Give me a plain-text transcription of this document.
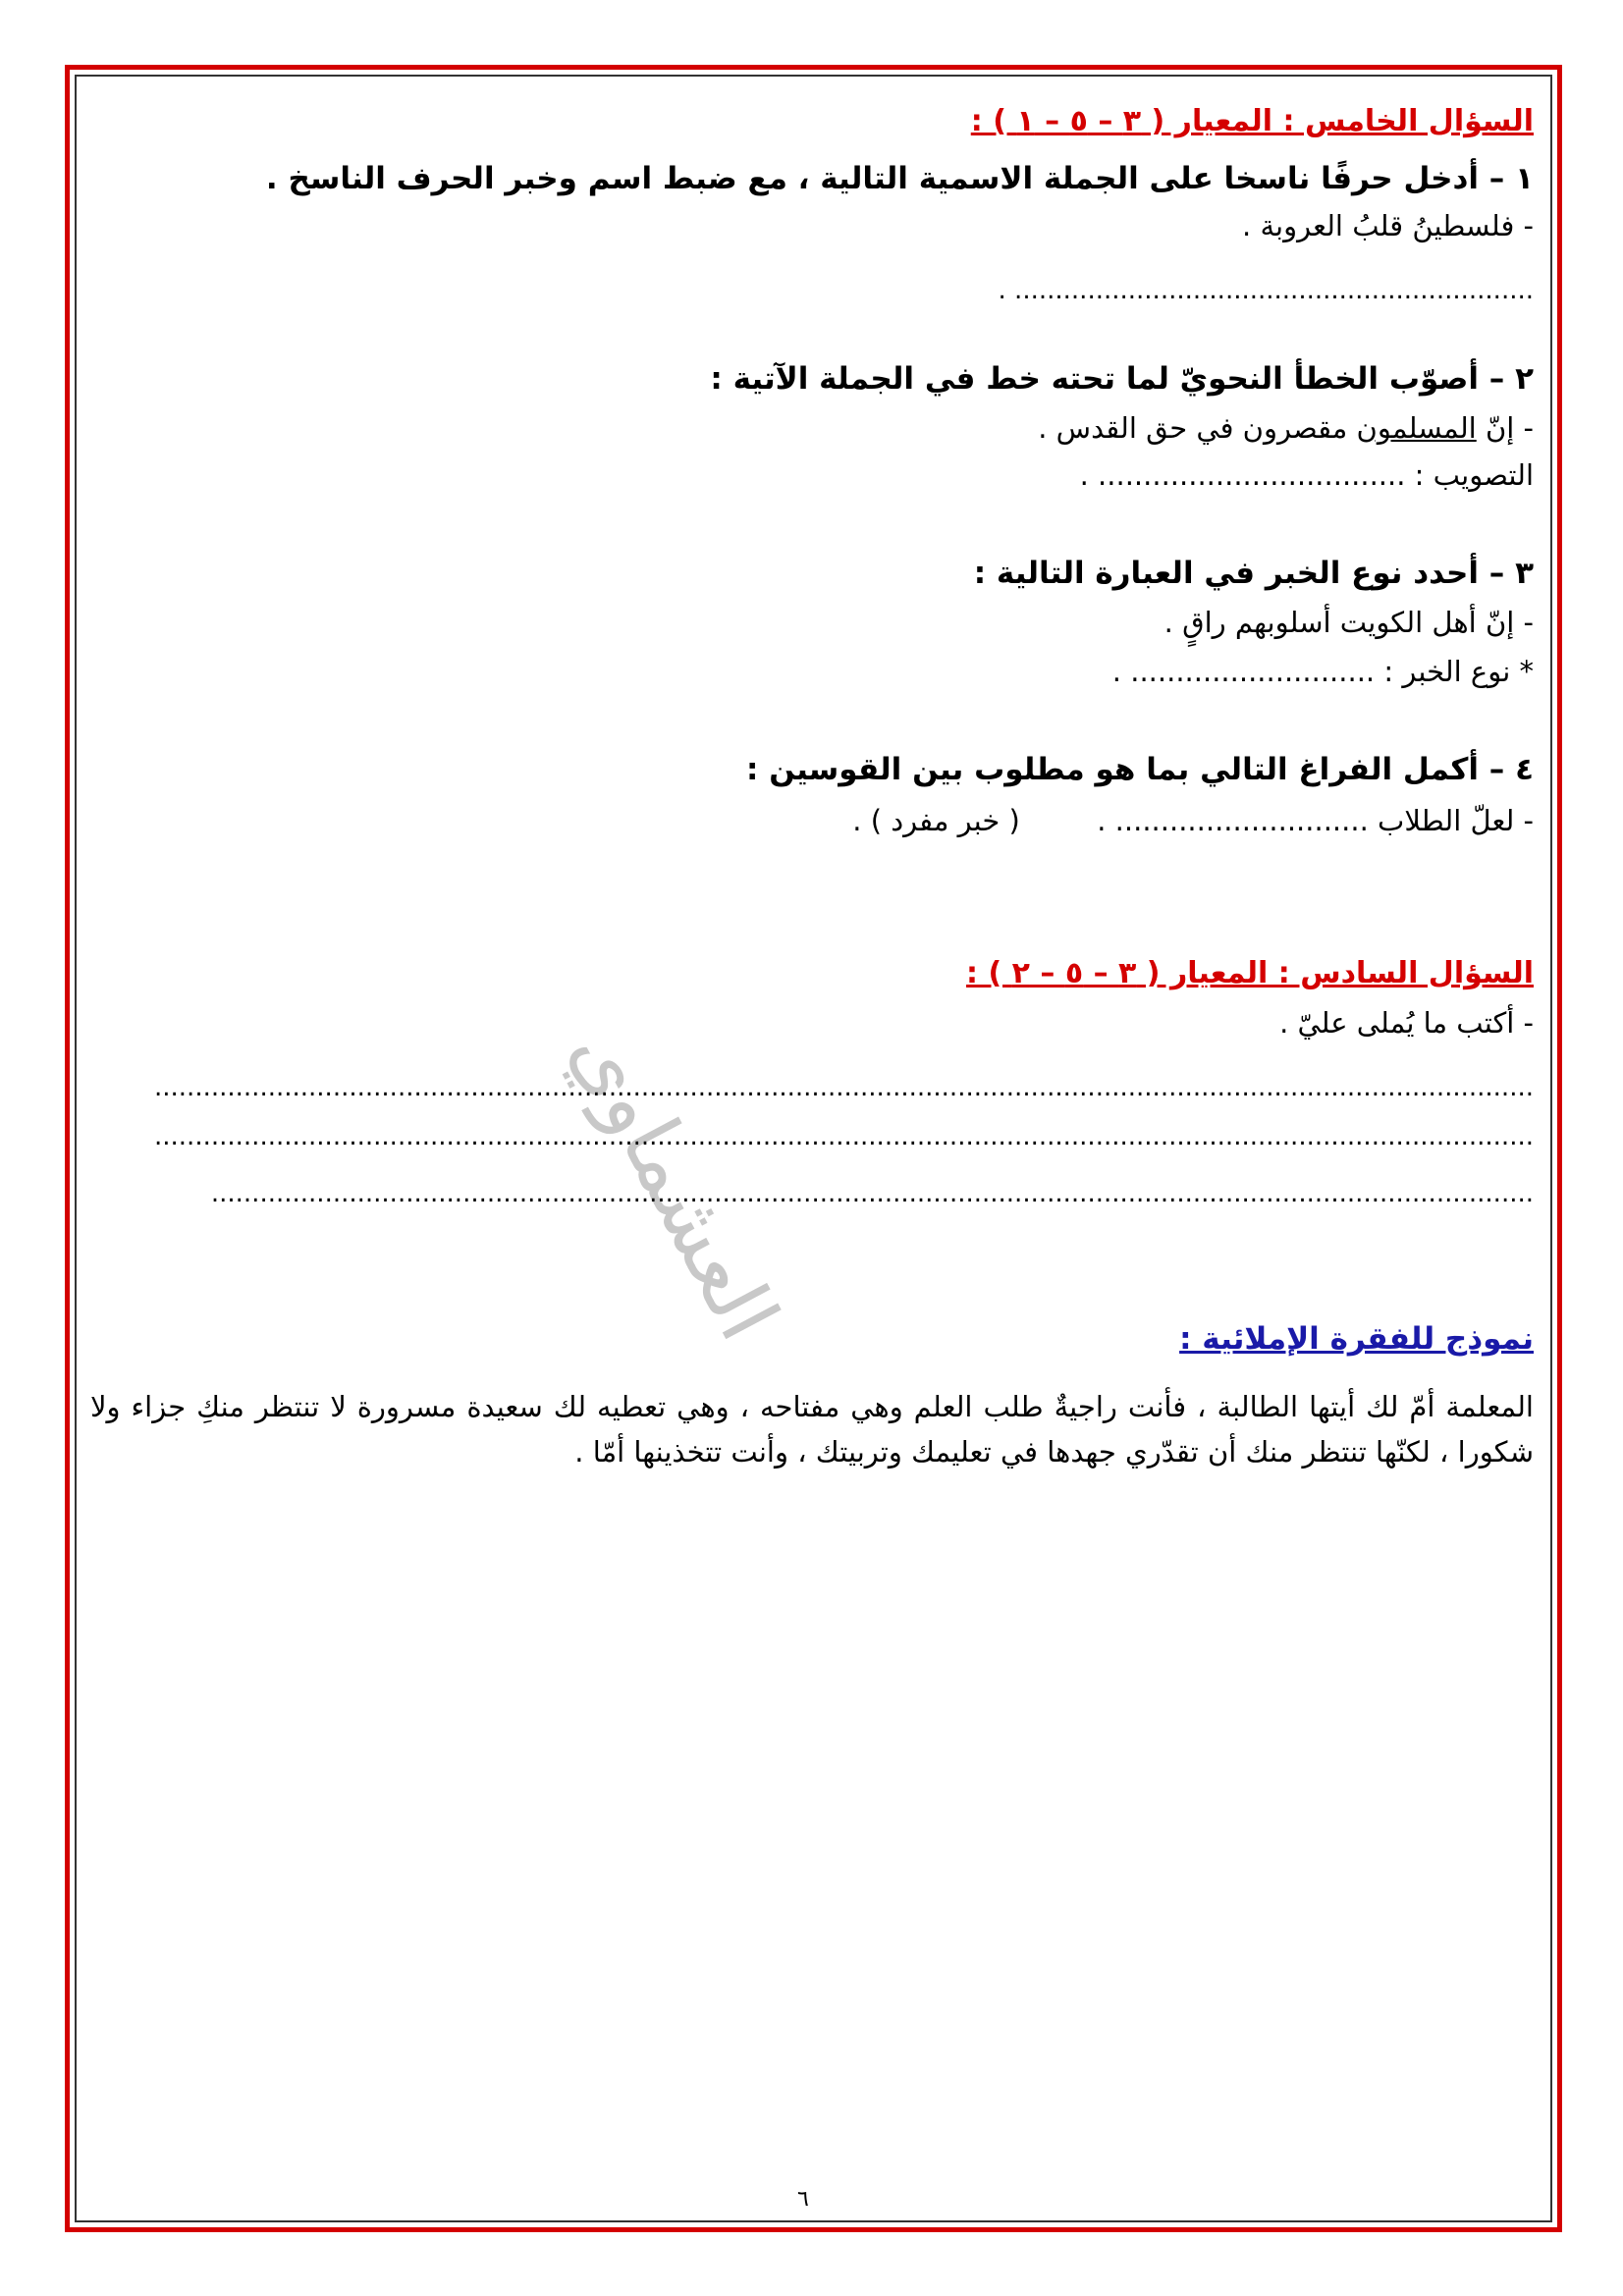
العشماوي
السؤال الخامس : المعيار ( ٣ – ٥ – ١ ) :
١ – أدخل حرفًا ناسخا على الجملة الاسمية التالية ، مع ضبط اسم وخبر الحرف الناسخ .
- فلسطينُ قلبُ العروبة .
................................................................ .
٢ – أصوّب الخطأ النحويّ لما تحته خط في الجملة الآتية :
- إنّ المسلمون مقصرون في حق القدس .
التصويب : .................................. .
٣ – أحدد نوع الخبر في العبارة التالية :
- إنّ أهل الكويت أسلوبهم راقٍ .
* نوع الخبر : ........................... .
٤ – أكمل الفراغ التالي بما هو مطلوب بين القوسين :
- لعلّ الطلاب ............................ .  ( خبر مفرد ) .
السؤال السادس : المعيار ( ٣ – ٥ – ٢ ) :
- أكتب ما يُملى عليّ .
..........................................................................................................................................................................
..........................................................................................................................................................................
...................................................................................................................................................................
نموذج للفقرة الإملائية :
المعلمة أمّ لك أيتها الطالبة ، فأنت راجيةٌ طلب العلم وهي مفتاحه ، وهي تعطيه لك سعيدة مسرورة لا تنتظر منكِ جزاء ولا شكورا ، لكنّها تنتظر منك أن تقدّري جهدها في تعليمك وتربيتك ، وأنت تتخذينها أمّا .
٦
